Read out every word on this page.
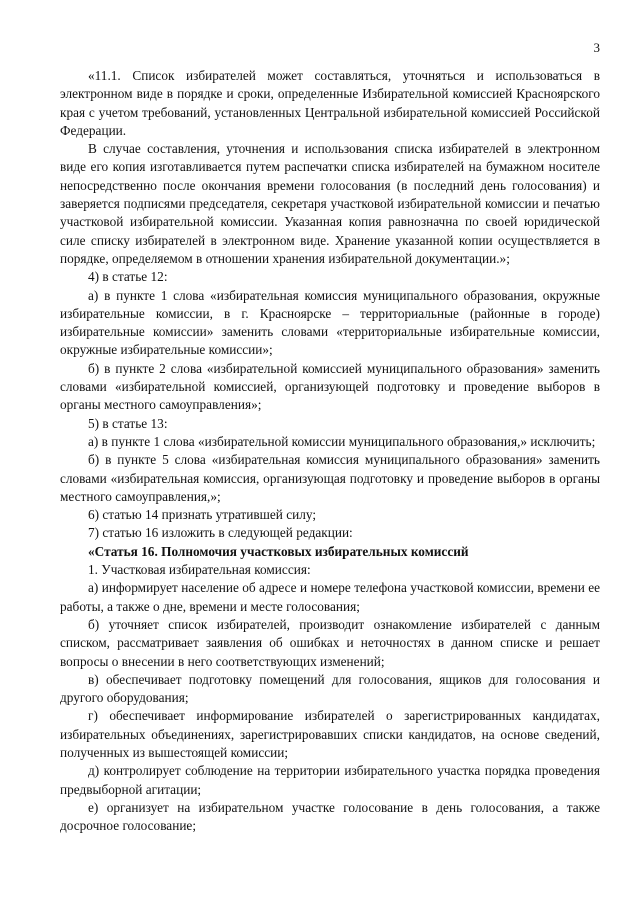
3

«11.1. Список избирателей может составляться, уточняться и использоваться в электронном виде в порядке и сроки, определенные Избирательной комиссией Красноярского края с учетом требований, установленных Центральной избирательной комиссией Российской Федерации.

В случае составления, уточнения и использования списка избирателей в электронном виде его копия изготавливается путем распечатки списка избирателей на бумажном носителе непосредственно после окончания времени голосования (в последний день голосования) и заверяется подписями председателя, секретаря участковой избирательной комиссии и печатью участковой избирательной комиссии. Указанная копия равнозначна по своей юридической силе списку избирателей в электронном виде. Хранение указанной копии осуществляется в порядке, определяемом в отношении хранения избирательной документации.»;

4) в статье 12:

а) в пункте 1 слова «избирательная комиссия муниципального образования, окружные избирательные комиссии, в г. Красноярске – территориальные (районные в городе) избирательные комиссии» заменить словами «территориальные избирательные комиссии, окружные избирательные комиссии»;

б) в пункте 2 слова «избирательной комиссией муниципального образования» заменить словами «избирательной комиссией, организующей подготовку и проведение выборов в органы местного самоуправления»;

5) в статье 13:

а) в пункте 1 слова «избирательной комиссии муниципального образования,» исключить;

б) в пункте 5 слова «избирательная комиссия муниципального образования» заменить словами «избирательная комиссия, организующая подготовку и проведение выборов в органы местного самоуправления,»;

6) статью 14 признать утратившей силу;

7) статью 16 изложить в следующей редакции:

«Статья 16. Полномочия участковых избирательных комиссий

1. Участковая избирательная комиссия:

а) информирует население об адресе и номере телефона участковой комиссии, времени ее работы, а также о дне, времени и месте голосования;

б) уточняет список избирателей, производит ознакомление избирателей с данным списком, рассматривает заявления об ошибках и неточностях в данном списке и решает вопросы о внесении в него соответствующих изменений;

в) обеспечивает подготовку помещений для голосования, ящиков для голосования и другого оборудования;

г) обеспечивает информирование избирателей о зарегистрированных кандидатах, избирательных объединениях, зарегистрировавших списки кандидатов, на основе сведений, полученных из вышестоящей комиссии;

д) контролирует соблюдение на территории избирательного участка порядка проведения предвыборной агитации;

е) организует на избирательном участке голосование в день голосования, а также досрочное голосование;
